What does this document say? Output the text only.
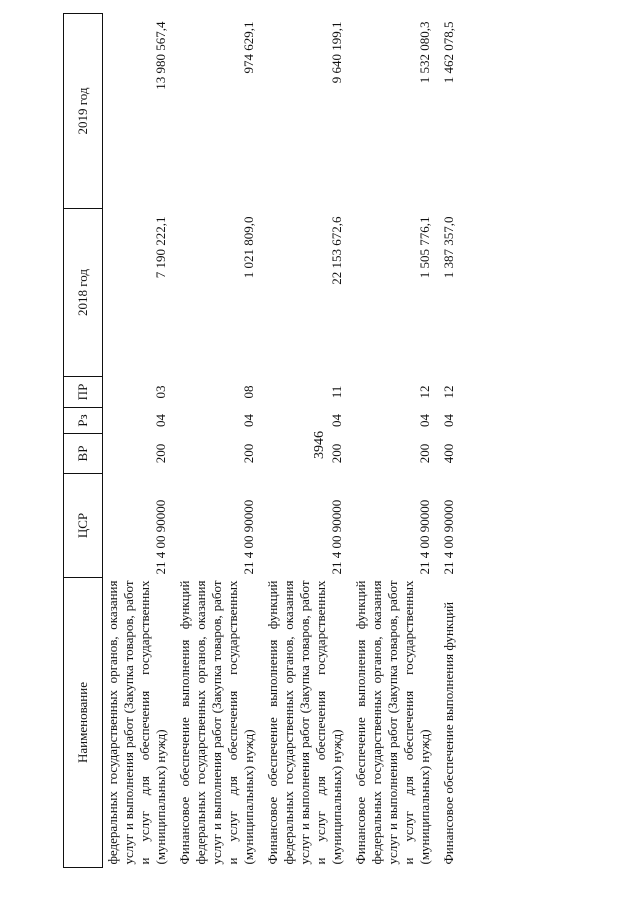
3946
Наименование	ЦСР	ВР	Рз	ПР	2018 год	2019 год
федеральных государственных органов, оказания услуг и выполнения работ (Закупка товаров, работ и услуг для обеспечения государственных (муниципальных) нужд)	21 4 00 90000	200	04	03	7 190 222,1	13 980 567,4
Финансовое обеспечение выполнения функций федеральных государственных органов, оказания услуг и выполнения работ (Закупка товаров, работ и услуг для обеспечения государственных (муниципальных) нужд)	21 4 00 90000	200	04	08	1 021 809,0	974 629,1
Финансовое обеспечение выполнения функций федеральных государственных органов, оказания услуг и выполнения работ (Закупка товаров, работ и услуг для обеспечения государственных (муниципальных) нужд)	21 4 00 90000	200	04	11	22 153 672,6	9 640 199,1
Финансовое обеспечение выполнения функций федеральных государственных органов, оказания услуг и выполнения работ (Закупка товаров, работ и услуг для обеспечения государственных (муниципальных) нужд)	21 4 00 90000	200	04	12	1 505 776,1	1 532 080,3
Финансовое обеспечение выполнения функций	21 4 00 90000	400	04	12	1 387 357,0	1 462 078,5
